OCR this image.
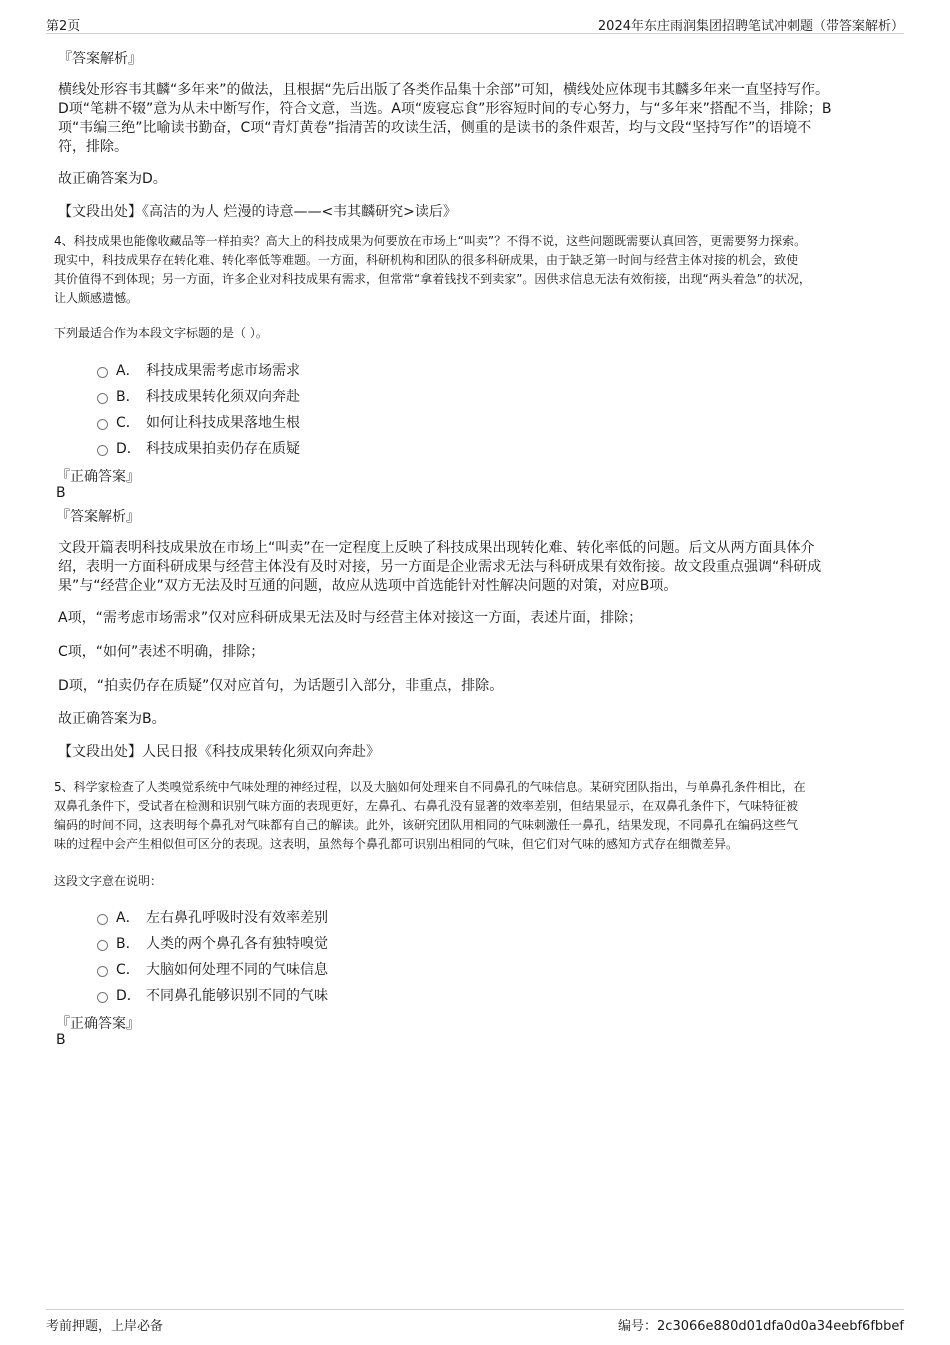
第2页	2024年东庄雨润集团招聘笔试冲刺题（带答案解析）
『答案解析』
横线处形容韦其麟“多年来”的做法，且根据“先后出版了各类作品集十余部”可知，横线处应体现韦其麟多年来一直坚持写作。
D项“笔耕不辍”意为从未中断写作，符合文意，当选。A项“废寝忘食”形容短时间的专心努力，与“多年来”搭配不当，排除；B
项“韦编三绝”比喻读书勤奋，C项“青灯黄卷”指清苦的攻读生活，侧重的是读书的条件艰苦，均与文段“坚持写作”的语境不
符，排除。
故正确答案为D。
【文段出处】《高洁的为人 烂漫的诗意——<韦其麟研究>读后》
4、科技成果也能像收藏品等一样拍卖？高大上的科技成果为何要放在市场上“叫卖”？不得不说，这些问题既需要认真回答，更需要努力探索。
现实中，科技成果存在转化难、转化率低等难题。一方面，科研机构和团队的很多科研成果，由于缺乏第一时间与经营主体对接的机会，致使
其价值得不到体现；另一方面，许多企业对科技成果有需求，但常常“拿着钱找不到卖家”。因供求信息无法有效衔接，出现“两头着急”的状况，
让人颇感遗憾。
下列最适合作为本段文字标题的是（ ）。
A． 科技成果需考虑市场需求
B． 科技成果转化须双向奔赴
C． 如何让科技成果落地生根
D． 科技成果拍卖仍存在质疑
『正确答案』
B
『答案解析』
文段开篇表明科技成果放在市场上“叫卖”在一定程度上反映了科技成果出现转化难、转化率低的问题。后文从两方面具体介
绍，表明一方面科研成果与经营主体没有及时对接，另一方面是企业需求无法与科研成果有效衔接。故文段重点强调“科研成
果”与“经营企业”双方无法及时互通的问题，故应从选项中首选能针对性解决问题的对策，对应B项。
A项，“需考虑市场需求”仅对应科研成果无法及时与经营主体对接这一方面，表述片面，排除；
C项，“如何”表述不明确，排除；
D项，“拍卖仍存在质疑”仅对应首句，为话题引入部分，非重点，排除。
故正确答案为B。
【文段出处】人民日报《科技成果转化须双向奔赴》
5、科学家检查了人类嗅觉系统中气味处理的神经过程，以及大脑如何处理来自不同鼻孔的气味信息。某研究团队指出，与单鼻孔条件相比，在
双鼻孔条件下，受试者在检测和识别气味方面的表现更好，左鼻孔、右鼻孔没有显著的效率差别，但结果显示，在双鼻孔条件下，气味特征被
编码的时间不同，这表明每个鼻孔对气味都有自己的解读。此外，该研究团队用相同的气味刺激任一鼻孔，结果发现，不同鼻孔在编码这些气
味的过程中会产生相似但可区分的表现。这表明，虽然每个鼻孔都可识别出相同的气味，但它们对气味的感知方式存在细微差异。
这段文字意在说明：
A． 左右鼻孔呼吸时没有效率差别
B． 人类的两个鼻孔各有独特嗅觉
C． 大脑如何处理不同的气味信息
D． 不同鼻孔能够识别不同的气味
『正确答案』
B
考前押题，上岸必备	编号：2c3066e880d01dfa0d0a34eebf6fbbef
